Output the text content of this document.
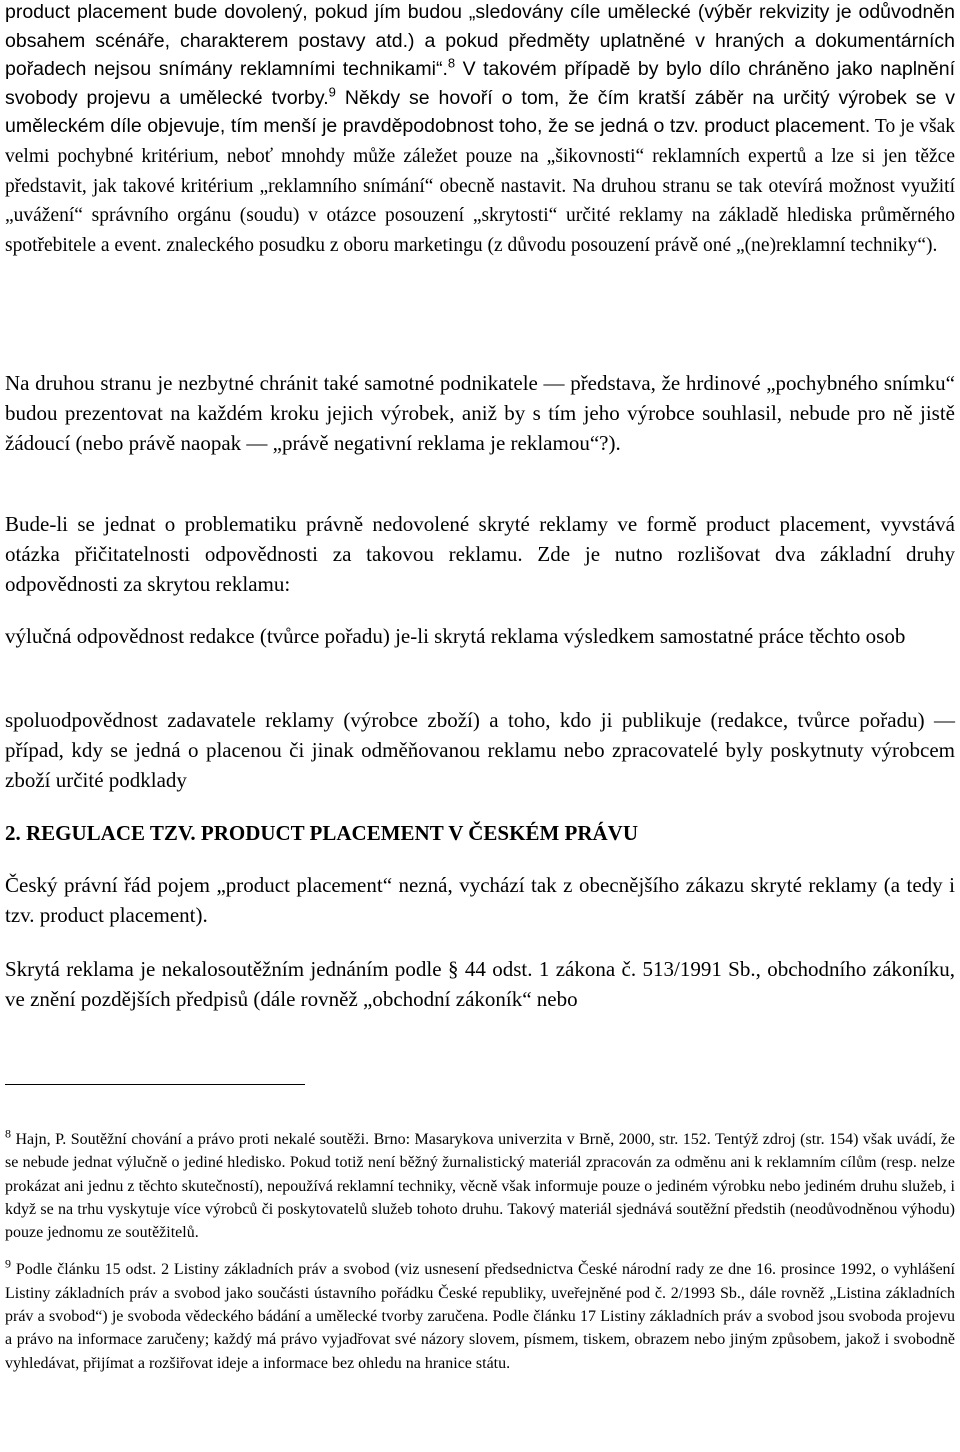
product placement bude dovolený, pokud jím budou „sledovány cíle umělecké (výběr rekvizity je odůvodněn obsahem scénáře, charakterem postavy atd.) a pokud předměty uplatněné v hraných a dokumentárních pořadech nejsou snímány reklamními technikami“.$^8$ V takovém případě by bylo dílo chráněno jako naplnění svobody projevu a umělecké tvorby.$^9$ Někdy se hovoří o tom, že čím kratší záběr na určitý výrobek se v uměleckém díle objevuje, tím menší je pravděpodobnost toho, že se jedná o tzv. product placement. To je však velmi pochybné kritérium, neboť mnohdy může záležet pouze na „šikovnosti“ reklamních expertů a lze si jen těžce představit, jak takové kritérium „reklamního snímání“ obecně nastavit. Na druhou stranu se tak otevírá možnost využití „uvážení“ správního orgánu (soudu) v otázce posouzení „skrytosti“ určité reklamy na základě hlediska průměrného spotřebitele a event. znaleckého posudku z oboru marketingu (z důvodu posouzení právě oné „(ne)reklamní techniky“).

Na druhou stranu je nezbytné chránit také samotné podnikatele — představa, že hrdinové „pochybného snímku“ budou prezentovat na každém kroku jejich výrobek, aniž by s tím jeho výrobce souhlasil, nebude pro ně jistě žádoucí (nebo právě naopak — „právě negativní reklama je reklamou“?).

Bude-li se jednat o problematiku právně nedovolené skryté reklamy ve formě product placement, vyvstává otázka přičitatelnosti odpovědnosti za takovou reklamu. Zde je nutno rozlišovat dva základní druhy odpovědnosti za skrytou reklamu:

výlučná odpovědnost redakce (tvůrce pořadu) je-li skrytá reklama výsledkem samostatné práce těchto osob

spoluodpovědnost zadavatele reklamy (výrobce zboží) a toho, kdo ji publikuje (redakce, tvůrce pořadu) — případ, kdy se jedná o placenou či jinak odměňovanou reklamu nebo zpracovatelé byly poskytnuty výrobcem zboží určité podklady

2. REGULACE TZV. PRODUCT PLACEMENT V ČESKÉM PRÁVU

Český právní řád pojem „product placement“ nezná, vychází tak z obecnějšího zákazu skryté reklamy (a tedy i tzv. product placement).

Skrytá reklama je nekalosoutěžním jednáním podle § 44 odst. 1 zákona č. 513/1991 Sb., obchodního zákoníku, ve znění pozdějších předpisů (dále rovněž „obchodní zákoník“ nebo

$^8$ Hajn, P. Soutěžní chování a právo proti nekalé soutěži. Brno: Masarykova univerzita v Brně, 2000, str. 152. Tentýž zdroj (str. 154) však uvádí, že se nebude jednat výlučně o jediné hledisko. Pokud totiž není běžný žurnalistický materiál zpracován za odměnu ani k reklamním cílům (resp. nelze prokázat ani jednu z těchto skutečností), nepoužívá reklamní techniky, věcně však informuje pouze o jediném výrobku nebo jediném druhu služeb, i když se na trhu vyskytuje více výrobců či poskytovatelů služeb tohoto druhu. Takový materiál sjednává soutěžní předstih (neodůvodněnou výhodu) pouze jednomu ze soutěžitelů.

$^9$ Podle článku 15 odst. 2 Listiny základních práv a svobod (viz usnesení předsednictva České národní rady ze dne 16. prosince 1992, o vyhlášení Listiny základních práv a svobod jako součásti ústavního pořádku České republiky, uveřejněné pod č. 2/1993 Sb., dále rovněž „Listina základních práv a svobod“) je svoboda vědeckého bádání a umělecké tvorby zaručena. Podle článku 17 Listiny základních práv a svobod jsou svoboda projevu a právo na informace zaručeny; každý má právo vyjadřovat své názory slovem, písmem, tiskem, obrazem nebo jiným způsobem, jakož i svobodně vyhledávat, přijímat a rozšiřovat ideje a informace bez ohledu na hranice státu.
